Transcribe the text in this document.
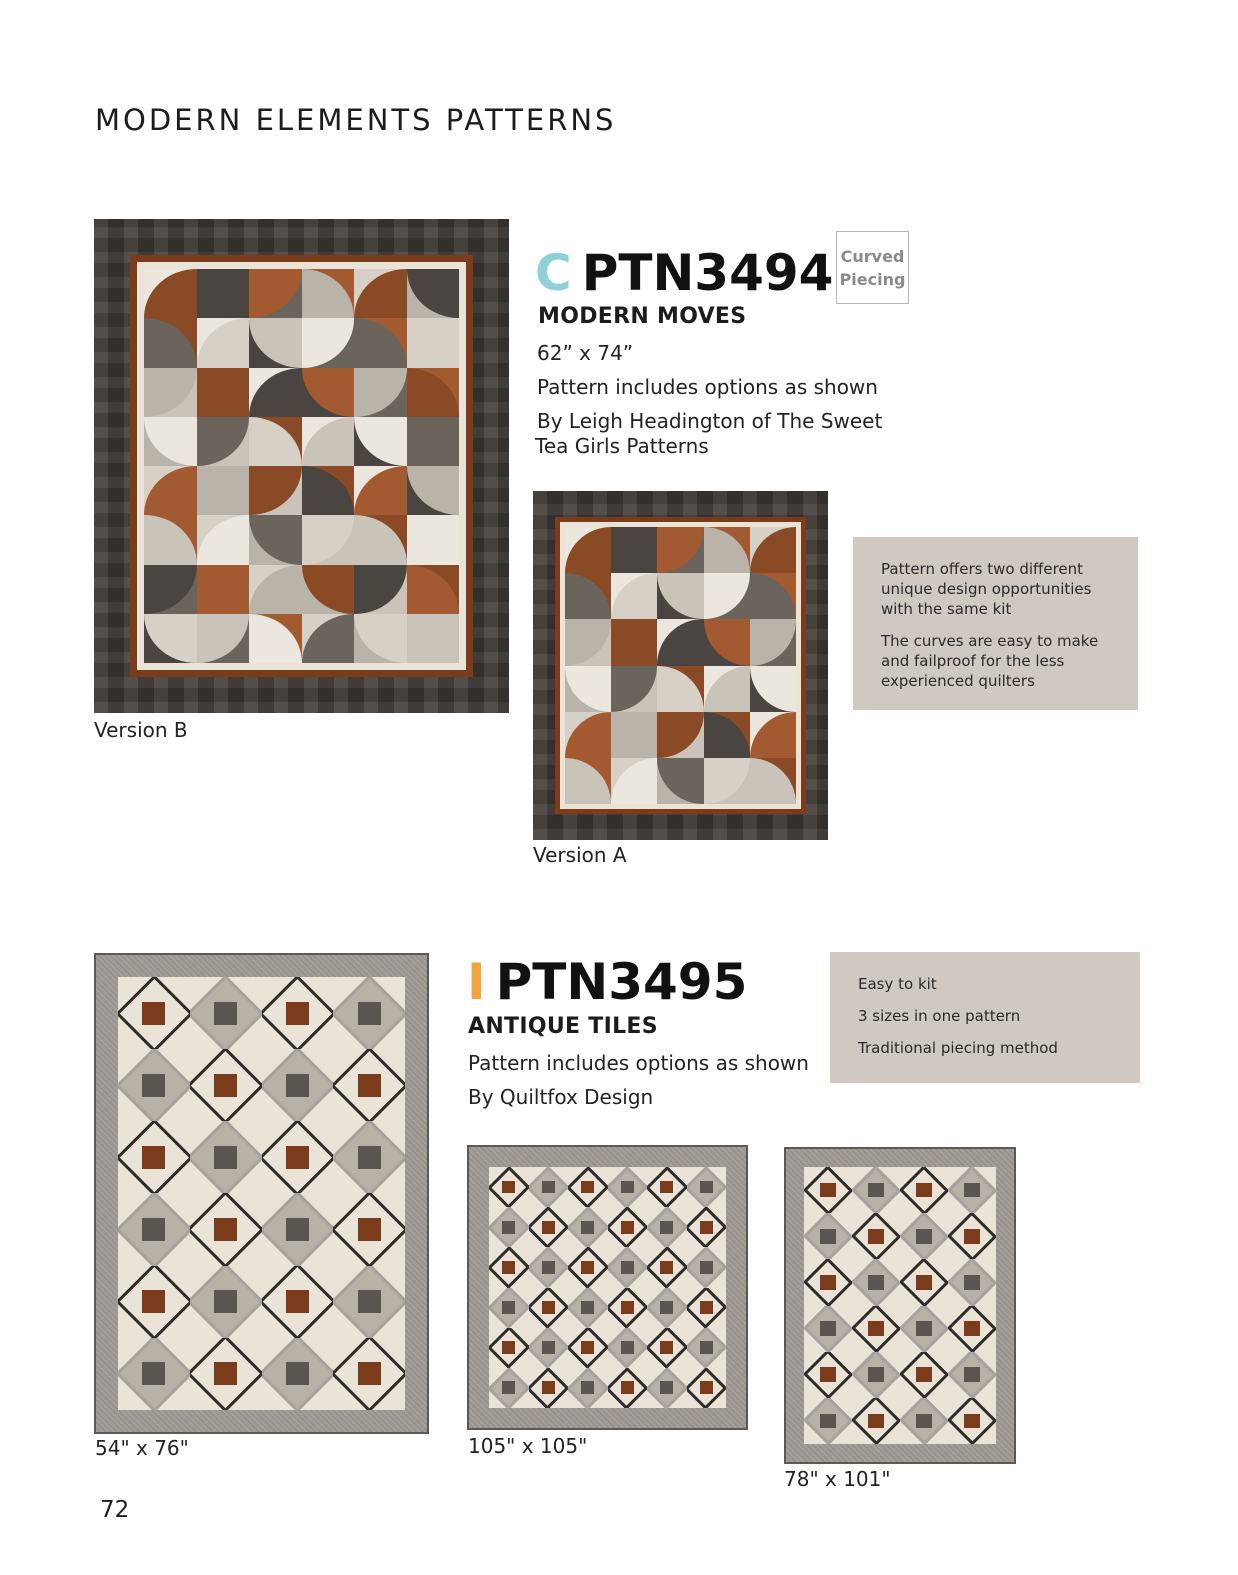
MODERN ELEMENTS PATTERNS
Version B
C PTN3494 Curved
Piecing
MODERN MOVES
62” x 74”
Pattern includes options as shown
By Leigh Headington of The Sweet
Tea Girls Patterns
Version A

Pattern offers two different unique design opportunities with the same kit

The curves are easy to make and failproof for the less experienced quilters

54" x 76"
I PTN3495
ANTIQUE TILES
Pattern includes options as shown
By Quiltfox Design

Easy to kit

3 sizes in one pattern

Traditional piecing method

105" x 105"
78" x 101"
72
